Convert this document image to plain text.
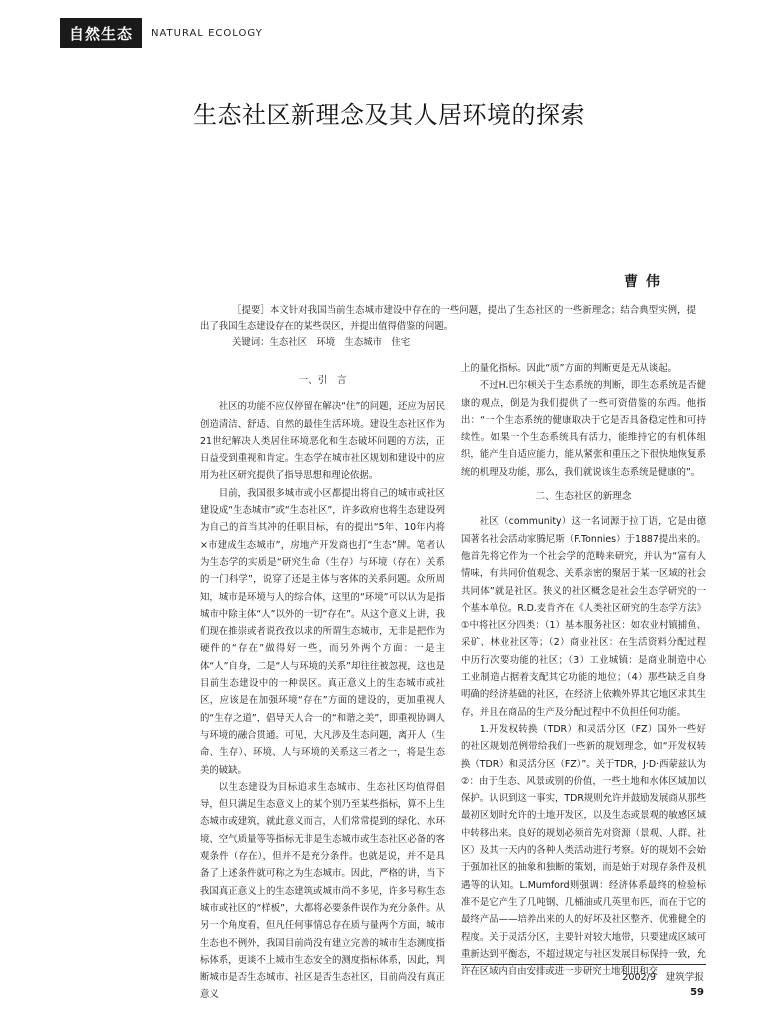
自然生态	NATURAL ECOLOGY
生态社区新理念及其人居环境的探索
曹伟

［提要］本文针对我国当前生态城市建设中存在的一些问题，提出了生态社区的一些新理念；结合典型实例，提出了我国生态建设存在的某些误区，并提出值得借鉴的问题。

关键词：生态社区　环境　生态城市　住宅

一、引　言

社区的功能不应仅停留在解决“住”的问题，还应为居民创造清洁、舒适、自然的最佳生活环境。建设生态社区作为21世纪解决人类居住环境恶化和生态破坏问题的方法，正日益受到重视和肯定。生态学在城市社区规划和建设中的应用为社区研究提供了指导思想和理论依据。

目前，我国很多城市或小区都提出将自己的城市或社区建设成“生态城市”或“生态社区”，许多政府也将生态建设列为自己的首当其冲的任职目标，有的提出“5年、10年内将×市建成生态城市”，房地产开发商也打“生态”牌。笔者认为生态学的实质是“研究生命（生存）与环境（存在）关系的一门科学”，说穿了还是主体与客体的关系问题。众所周知，城市是环境与人的综合体，这里的“环境”可以认为是指城市中除主体“人”以外的一切“存在”。从这个意义上讲，我们现在推崇或者说孜孜以求的所谓生态城市，无非是把作为硬件的“存在”做得好一些，而另外两个方面：一是主体“人”自身，二是“人与环境的关系”却往往被忽视，这也是目前生态建设中的一种误区。真正意义上的生态城市或社区，应该是在加强环境“存在”方面的建设的，更加重视人的“生存之道”，倡导天人合一的“和谐之美”，即重视协调人与环境的融合贯通。可见，大凡涉及生态问题，离开人（生命、生存）、环境、人与环境的关系这三者之一，将是生态美的破缺。

以生态建设为目标追求生态城市、生态社区均值得倡导，但只满足生态意义上的某个别乃至某些指标，算不上生态城市或建筑，就此意义而言，人们常常提到的绿化、水环境、空气质量等等指标无非是生态城市或生态社区必备的客观条件（存在），但并不是充分条件。也就是说，并不是具备了上述条件就可称之为生态城市。因此，严格的讲，当下我国真正意义上的生态建筑或城市尚不多见，许多号称生态城市或社区的“样板”，大都将必要条件误作为充分条件。从另一个角度看，但凡任何事情总存在质与量两个方面，城市生态也不例外，我国目前尚没有建立完善的城市生态测度指标体系，更谈不上城市生态安全的测度指标体系，因此，判断城市是否生态城市、社区是否生态社区，目前尚没有真正意义

上的量化指标。因此“质”方面的判断更是无从谈起。

不过H.巴尔顿关于生态系统的判断，即生态系统是否健康的观点，倒是为我们提供了一些可资借鉴的东西。他指出：“一个生态系统的健康取决于它是否具备稳定性和可持续性。如果一个生态系统具有活力，能维持它的有机体组织，能产生自适应能力，能从紧张和重压之下很快地恢复系统的机理及功能，那么，我们就说该生态系统是健康的”。

二、生态社区的新理念

社区（community）这一名词源于拉丁语，它是由德国著名社会活动家腾尼斯（F.Tonnies）于1887提出来的。他首先将它作为一个社会学的范畴来研究，并认为“富有人情味，有共同价值观念、关系亲密的聚居于某一区域的社会共同体”就是社区。狭义的社区概念是社会生态学研究的一个基本单位。R.D.麦肯齐在《人类社区研究的生态学方法》①中将社区分四类：（1）基本服务社区：如农业村镇捕鱼、采矿、林业社区等；（2）商业社区：在生活资料分配过程中历行次要功能的社区；（3）工业城镇：是商业制造中心工业制造占据着支配其它功能的地位；（4）那些缺乏自身明确的经济基础的社区，在经济上依赖外界其它地区求其生存，并且在商品的生产及分配过程中不负担任何功能。

1.开发权转换（TDR）和灵活分区（FZ）国外一些好的社区规划范例带给我们一些新的规划理念，如“开发权转换（TDR）和灵活分区（FZ）”。关于TDR，J·D·西蒙兹认为②：由于生态、风景或别的价值，一些土地和水体区域加以保护。认识到这一事实，TDR规则允许并鼓励发展商从那些最初区划时允许的土地开发区，以及生态或景观的敏感区域中转移出来。良好的规划必须首先对资源（景观、人群、社区）及其一天内的各种人类活动进行考察。好的规划不会始于强加社区的抽象和独断的策划，而是始于对现存条件及机遇等的认知。L.Mumford则强调：经济体系最终的检验标准不是它产生了几吨钢、几桶油或几英里布匹，而在于它的最终产品——培养出来的人的好坏及社区整齐、优雅健全的程度。关于灵活分区，主要针对较大地带，只要建成区域可重新达到平衡态，不超过规定与社区发展目标保持一致，允许在区域内自由安排或进一步研究土地利用和交

2002/9　建筑学报
59
